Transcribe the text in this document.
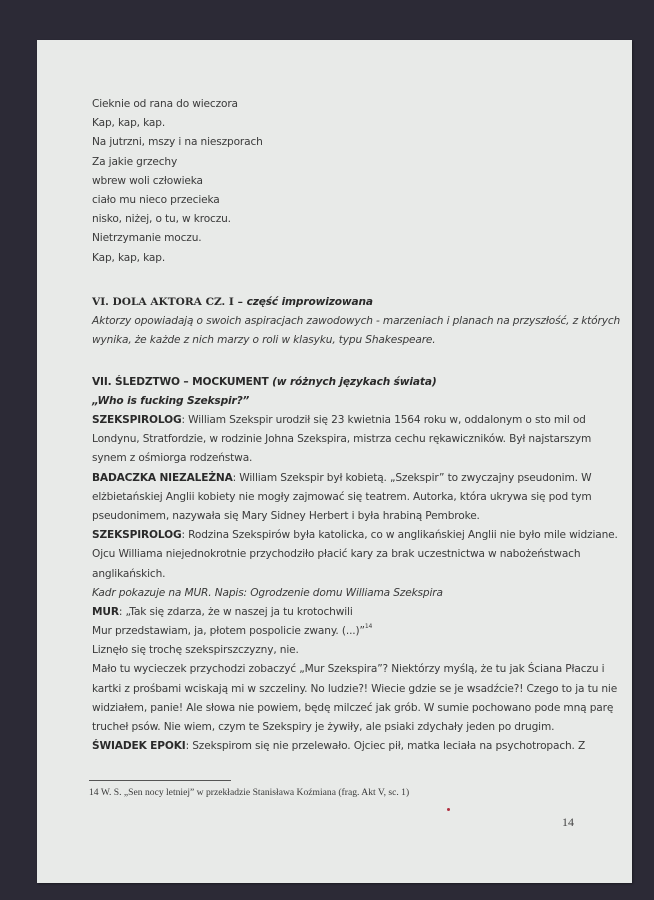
Cieknie od rana do wieczora
Kap, kap, kap.
Na jutrzni, mszy i na nieszporach
Za jakie grzechy
wbrew woli człowieka
ciało mu nieco przecieka
nisko, niżej, o tu, w kroczu.
Nietrzymanie moczu.
Kap, kap, kap.
VI. DOLA AKTORA CZ. I – część improwizowana
Aktorzy opowiadają o swoich aspiracjach zawodowych - marzeniach i planach na przyszłość, z których
wynika, że każde z nich marzy o roli w klasyku, typu Shakespeare.
VII. ŚLEDZTWO – MOCKUMENT (w różnych językach świata)
„Who is fucking Szekspir?”
SZEKSPIROLOG: William Szekspir urodził się 23 kwietnia 1564 roku w, oddalonym o sto mil od
Londynu, Stratfordzie, w rodzinie Johna Szekspira, mistrza cechu rękawiczników. Był najstarszym
synem z ośmiorga rodzeństwa.
BADACZKA NIEZALEŻNA: William Szekspir był kobietą. „Szekspir” to zwyczajny pseudonim. W
elżbietańskiej Anglii kobiety nie mogły zajmować się teatrem. Autorka, która ukrywa się pod tym
pseudonimem, nazywała się Mary Sidney Herbert i była hrabiną Pembroke.
SZEKSPIROLOG: Rodzina Szekspirów była katolicka, co w anglikańskiej Anglii nie było mile widziane.
Ojcu Williama niejednokrotnie przychodziło płacić kary za brak uczestnictwa w nabożeństwach
anglikańskich.
Kadr pokazuje na MUR. Napis: Ogrodzenie domu Williama Szekspira
MUR: „Tak się zdarza, że w naszej ja tu krotochwili
Mur przedstawiam, ja, płotem pospolicie zwany. (...)”$^{14}$
Liznęło się trochę szekspirszczyzny, nie.
Mało tu wycieczek przychodzi zobaczyć „Mur Szekspira”? Niektórzy myślą, że tu jak Ściana Płaczu i
kartki z prośbami wciskają mi w szczeliny. No ludzie?! Wiecie gdzie se je wsadźcie?! Czego to ja tu nie
widziałem, panie! Ale słowa nie powiem, będę milczeć jak grób. W sumie pochowano pode mną parę
truchеł psów. Nie wiem, czym te Szekspiry je żywiły, ale psiaki zdychały jeden po drugim.
ŚWIADEK EPOKI: Szekspirom się nie przelewało. Ojciec pił, matka leciała na psychotropach. Z
14 W. S. „Sen nocy letniej” w przekładzie Stanisława Koźmiana (frag. Akt V, sc. 1)
14
